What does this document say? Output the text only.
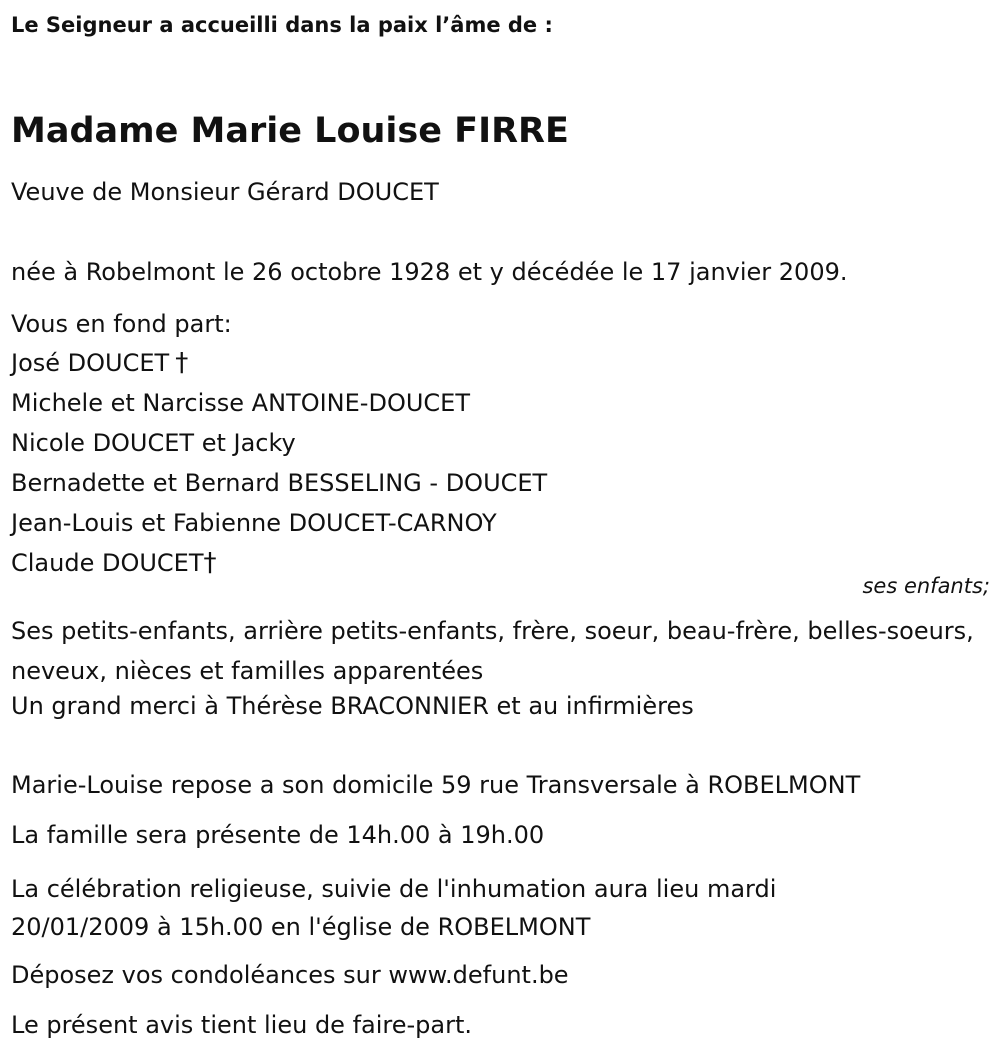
Le Seigneur a accueilli dans la paix l’âme de :
Madame Marie Louise FIRRE
Veuve de Monsieur Gérard DOUCET
née à Robelmont le 26 octobre 1928 et y décédée le 17 janvier 2009.
Vous en fond part:
José DOUCET †
Michele et Narcisse ANTOINE-DOUCET
Nicole DOUCET et Jacky
Bernadette et Bernard BESSELING - DOUCET
Jean-Louis et Fabienne DOUCET-CARNOY
Claude DOUCET†
ses enfants;
Ses petits-enfants, arrière petits-enfants, frère, soeur, beau-frère, belles-soeurs, neveux, nièces et familles apparentées
Un grand merci à Thérèse BRACONNIER et au infirmières
Marie-Louise repose a son domicile 59 rue Transversale à ROBELMONT
La famille sera présente de 14h.00 à 19h.00
La célébration religieuse, suivie de l'inhumation aura lieu mardi 20/01/2009 à 15h.00 en l'église de ROBELMONT
Déposez vos condoléances sur www.defunt.be
Le présent avis tient lieu de faire-part.
